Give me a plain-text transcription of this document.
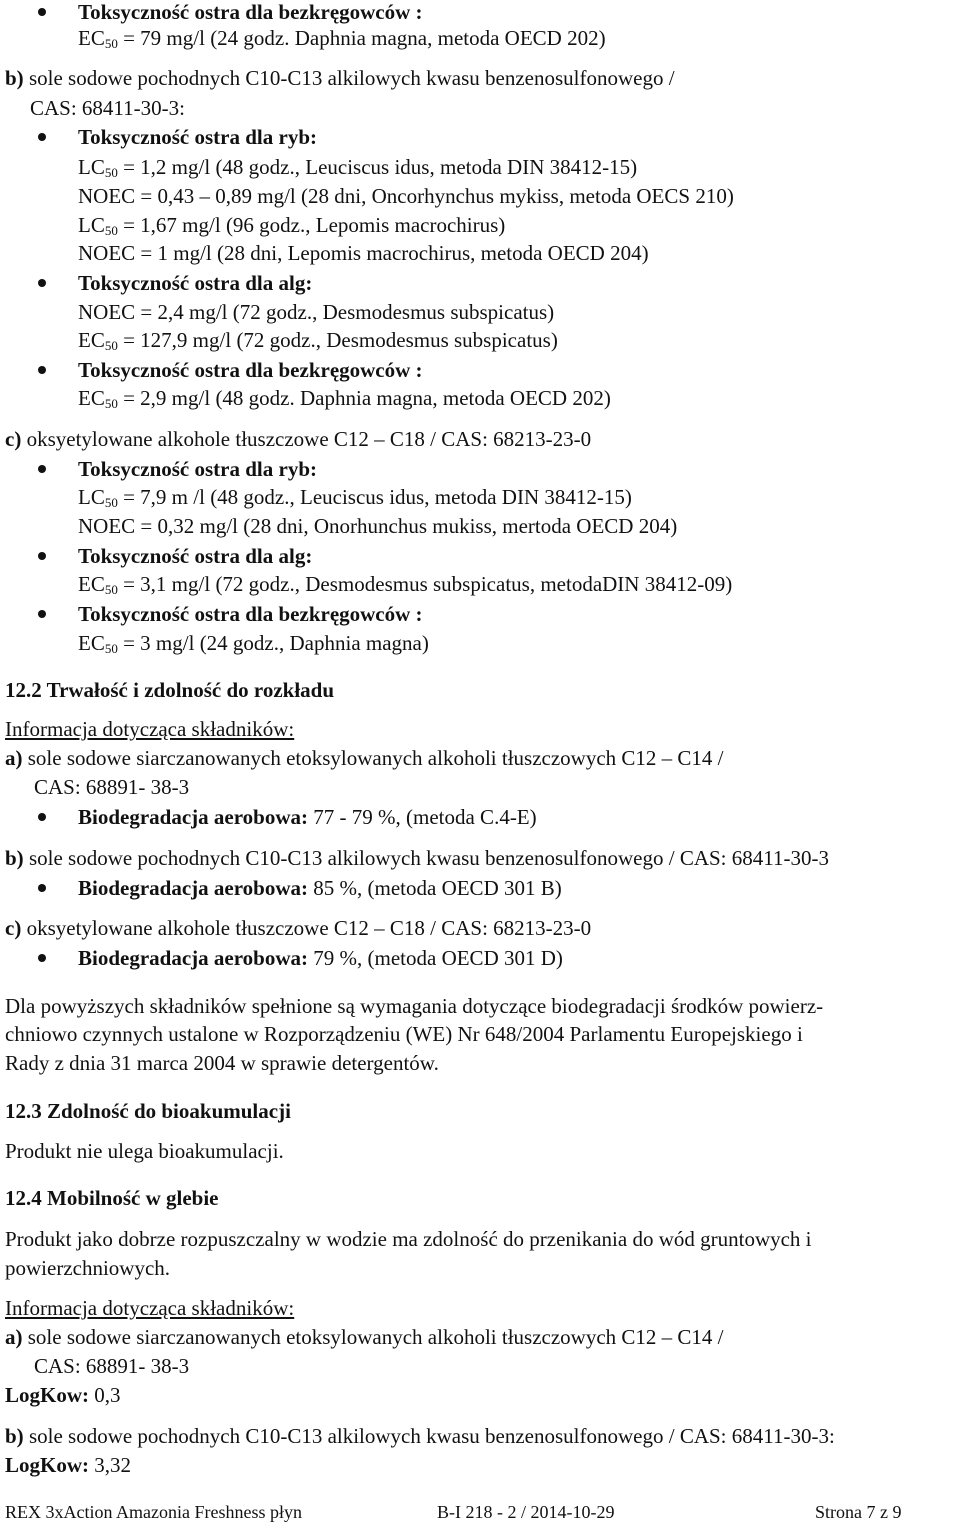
Toksyczność ostra dla bezkręgowców :
$EC_{50} = 79$ mg/l (24 godz. Daphnia magna, metoda OECD 202)
b) sole sodowe pochodnych C10-C13 alkilowych kwasu benzenosulfonowego /
CAS: 68411-30-3:
Toksyczność ostra dla ryb:
$LC_{50} = 1,2$ mg/l (48 godz., Leuciscus idus, metoda DIN 38412-15)
NOEC = 0,43 – 0,89 mg/l (28 dni, Oncorhynchus mykiss, metoda OECS 210)
$LC_{50} = 1,67$ mg/l (96 godz., Lepomis macrochirus)
NOEC = 1 mg/l (28 dni, Lepomis macrochirus, metoda OECD 204)
Toksyczność ostra dla alg:
NOEC = 2,4 mg/l (72 godz., Desmodesmus subspicatus)
$EC_{50} = 127,9$ mg/l (72 godz., Desmodesmus subspicatus)
Toksyczność ostra dla bezkręgowców :
$EC_{50} = 2,9$ mg/l (48 godz. Daphnia magna, metoda OECD 202)
c) oksyetylowane alkohole tłuszczowe C12 – C18 / CAS: 68213-23-0
Toksyczność ostra dla ryb:
$LC_{50} = 7,9$ m /l (48 godz., Leuciscus idus, metoda DIN 38412-15)
NOEC = 0,32 mg/l (28 dni, Onorhunchus mukiss, mertoda OECD 204)
Toksyczność ostra dla alg:
$EC_{50} = 3,1$ mg/l (72 godz., Desmodesmus subspicatus, metodaDIN 38412-09)
Toksyczność ostra dla bezkręgowców :
$EC_{50} = 3$ mg/l (24 godz., Daphnia magna)
12.2 Trwałość i zdolność do rozkładu
Informacja dotycząca składników:
a) sole sodowe siarczanowanych etoksylowanych alkoholi tłuszczowych C12 – C14 /
CAS: 68891- 38-3
Biodegradacja aerobowa: 77 - 79 %, (metoda C.4-E)
b) sole sodowe pochodnych C10-C13 alkilowych kwasu benzenosulfonowego / CAS: 68411-30-3
Biodegradacja aerobowa: 85 %, (metoda OECD 301 B)
c) oksyetylowane alkohole tłuszczowe C12 – C18 / CAS: 68213-23-0
Biodegradacja aerobowa: 79 %, (metoda OECD 301 D)
Dla powyższych składników spełnione są wymagania dotyczące biodegradacji środków powierz-
chniowo czynnych ustalone w Rozporządzeniu (WE) Nr 648/2004 Parlamentu Europejskiego i
Rady z dnia 31 marca 2004 w sprawie detergentów.
12.3 Zdolność do bioakumulacji
Produkt nie ulega bioakumulacji.
12.4 Mobilność w glebie
Produkt jako dobrze rozpuszczalny w wodzie ma zdolność do przenikania do wód gruntowych i
powierzchniowych.
Informacja dotycząca składników:
a) sole sodowe siarczanowanych etoksylowanych alkoholi tłuszczowych C12 – C14 /
CAS: 68891- 38-3
LogKow: 0,3
b) sole sodowe pochodnych C10-C13 alkilowych kwasu benzenosulfonowego / CAS: 68411-30-3:
LogKow: 3,32
REX 3xAction Amazonia Freshness płyn	B-I 218 - 2 / 2014-10-29	Strona 7 z 9
